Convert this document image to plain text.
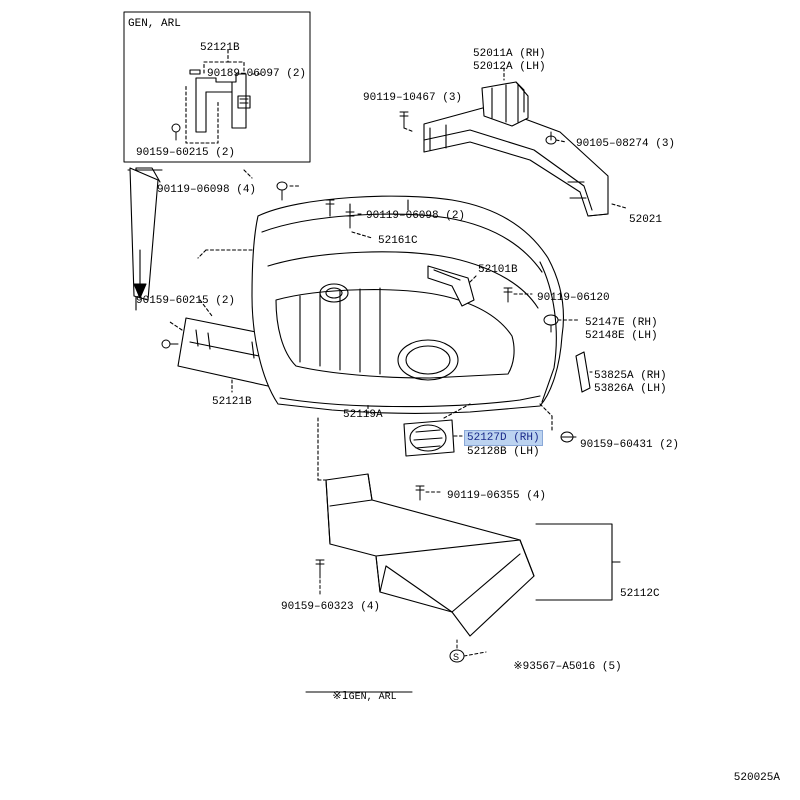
S
GEN, ARL
52121B
90189–06097 (2)
90159–60215 (2)
90119–06098 (4)
90159–60215 (2)
52121B
90119–06098 (2)
52161C
52119A
90119–10467 (3)
52011A (RH)
52012A (LH)
90105–08274 (3)
52021
52101B
90119–06120
52147E (RH)
52148E (LH)
53825A (RH)
53826A (LH)
52127D (RH)
52128B (LH)
90159–60431 (2)
90119–06355 (4)
90159–60323 (4)
52112C

※93567–A5016 (5)

※1GEN, ARL

520025A
